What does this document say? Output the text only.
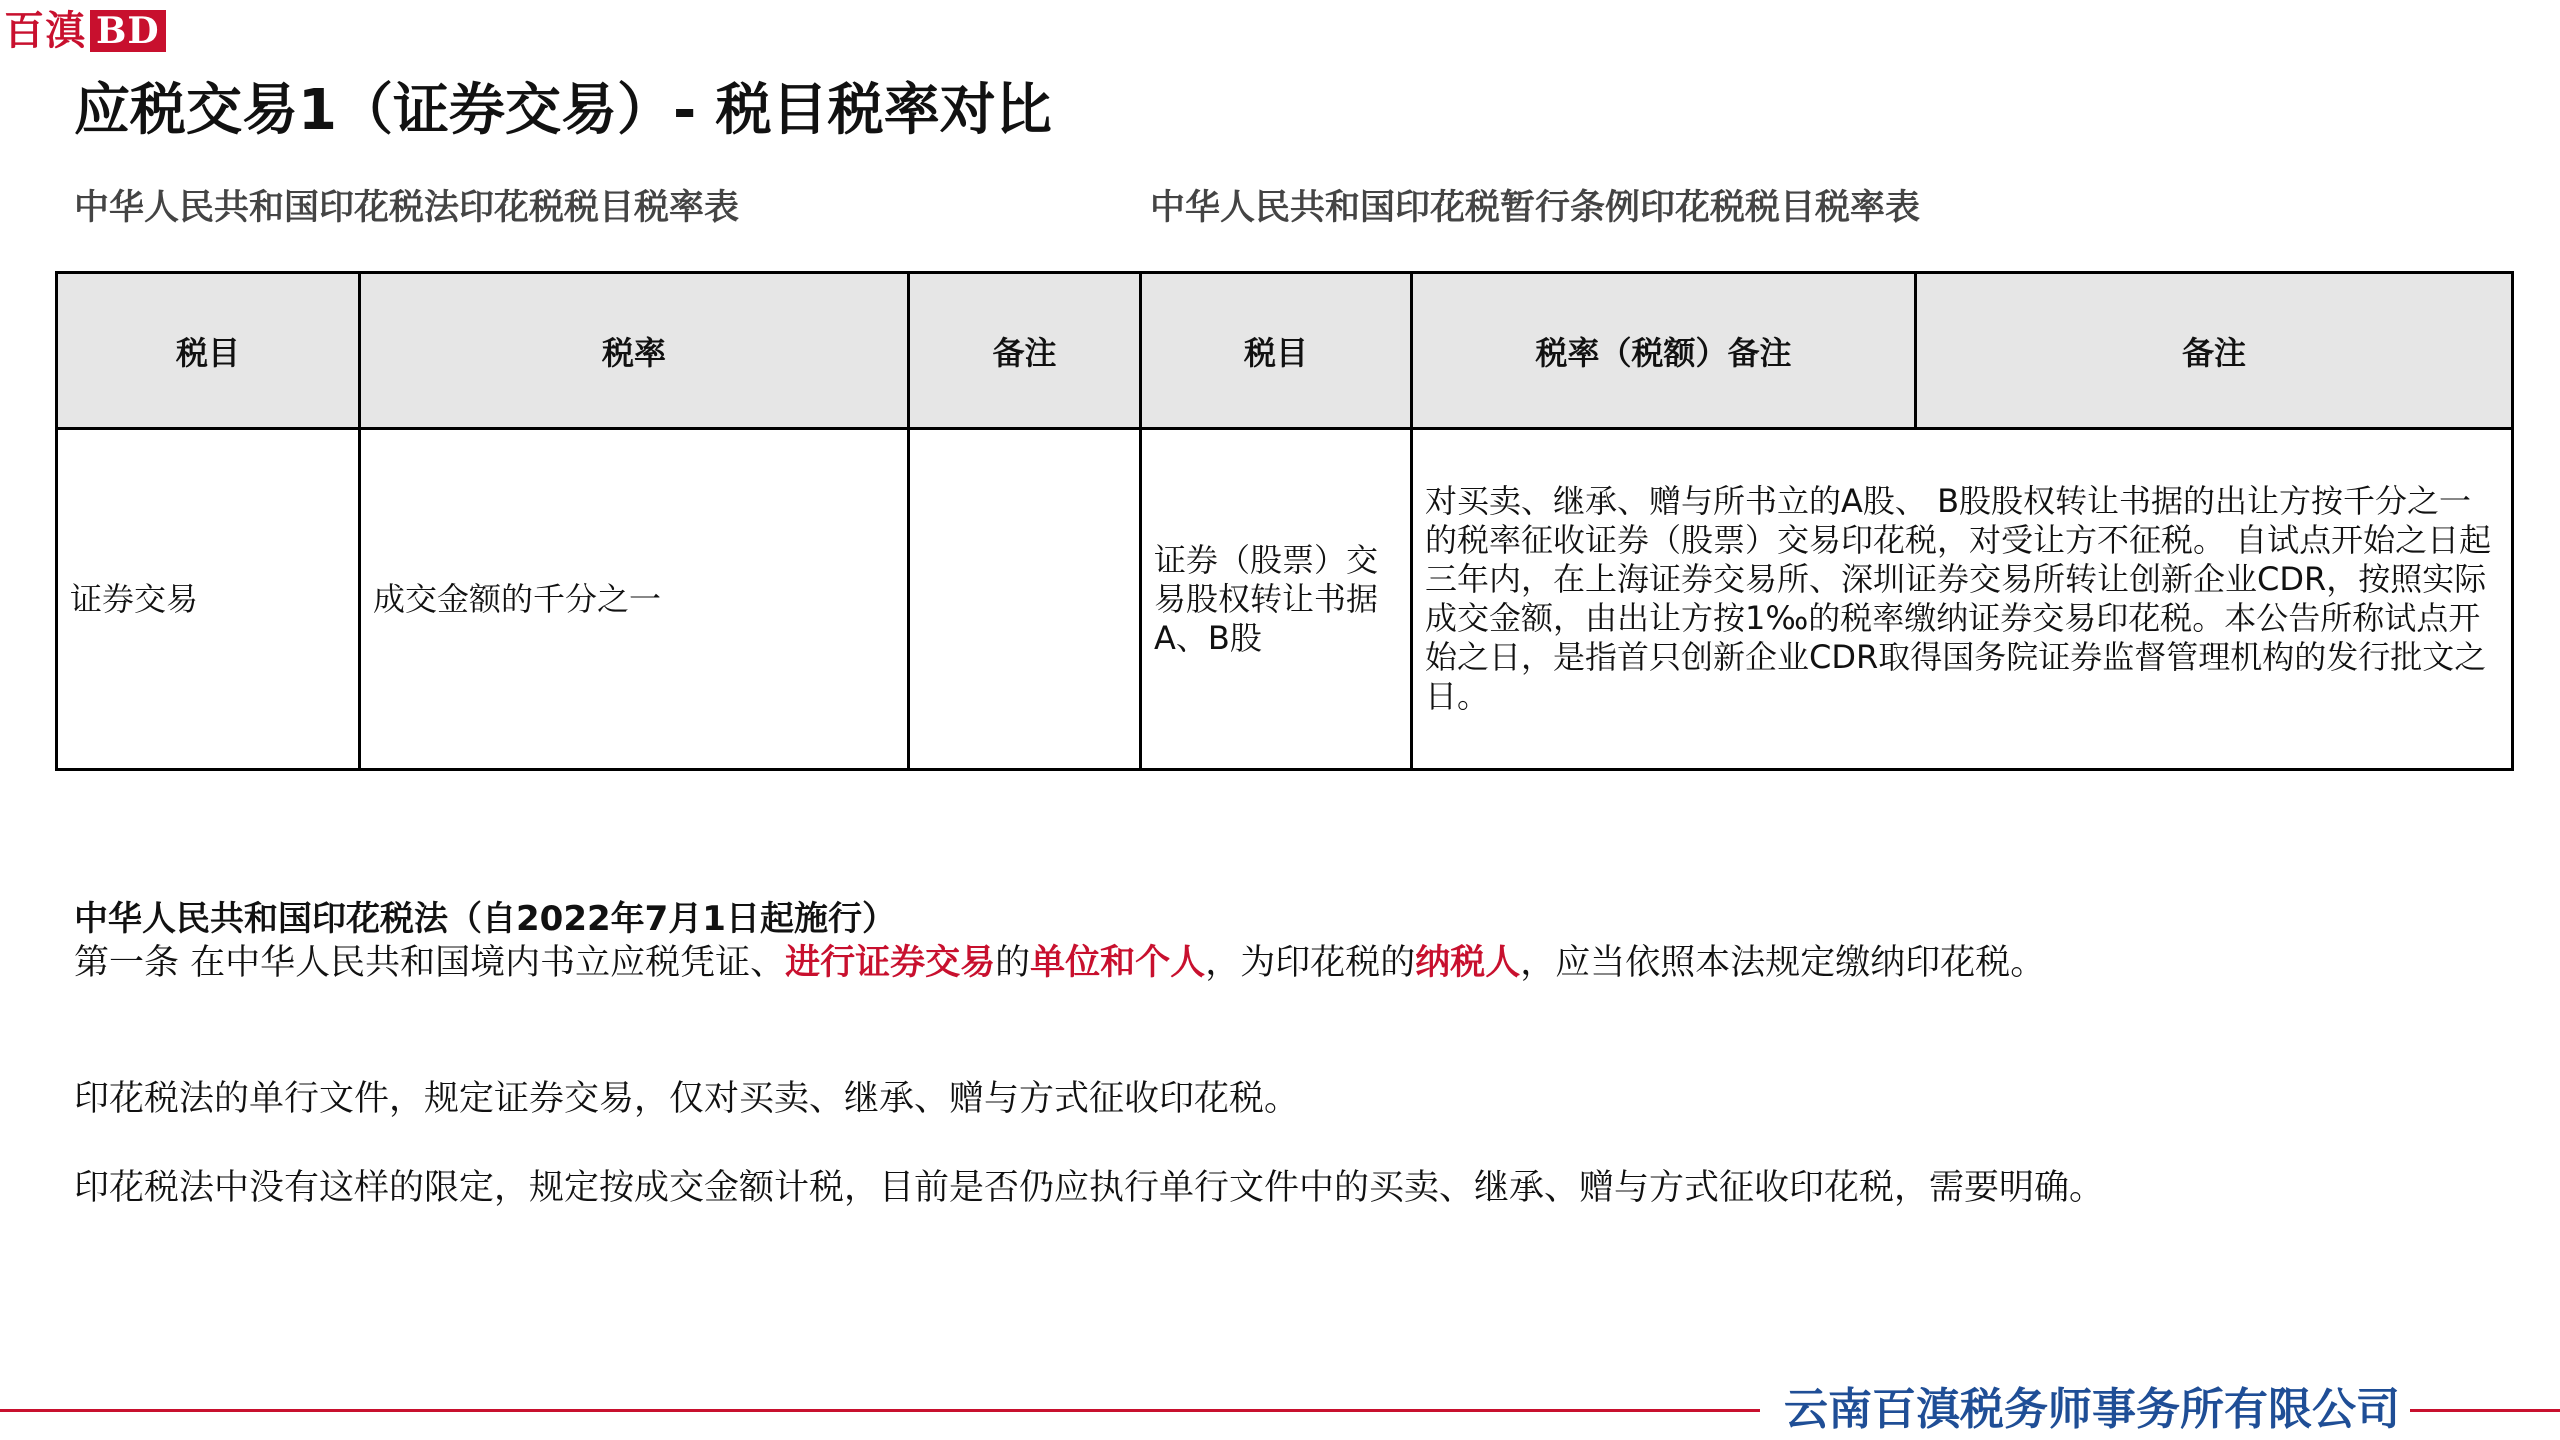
百滇 BD
应税交易1（证券交易）- 税目税率对比
中华人民共和国印花税法印花税税目税率表	中华人民共和国印花税暂行条例印花税税目税率表
税目	税率	备注	税目	税率（税额）备注	备注
证券交易	成交金额的千分之一		证券（股票）交易股权转让书据A、B股	对买卖、继承、赠与所书立的A股、 B股股权转让书据的出让方按千分之一的税率征收证券（股票）交易印花税，对受让方不征税。 自试点开始之日起三年内，在上海证券交易所、深圳证券交易所转让创新企业CDR，按照实际成交金额，由出让方按1‰的税率缴纳证券交易印花税。本公告所称试点开始之日，是指首只创新企业CDR取得国务院证券监督管理机构的发行批文之日。	
中华人民共和国印花税法（自2022年7月1日起施行）
第一条 在中华人民共和国境内书立应税凭证、进行证券交易的单位和个人，为印花税的纳税人，应当依照本法规定缴纳印花税。
印花税法的单行文件，规定证券交易，仅对买卖、继承、赠与方式征收印花税。
印花税法中没有这样的限定，规定按成交金额计税，目前是否仍应执行单行文件中的买卖、继承、赠与方式征收印花税，需要明确。
云南百滇税务师事务所有限公司
